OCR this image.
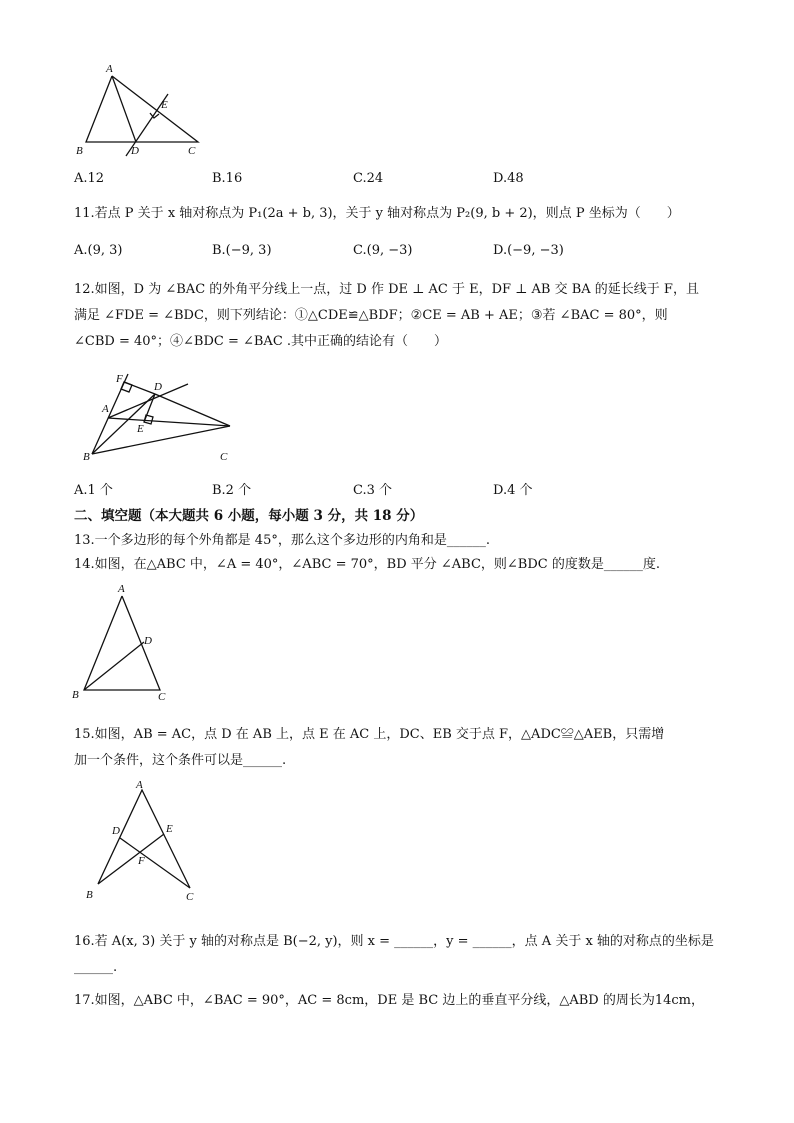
A
E
B	D	C
A.12	B.16	C.24	D.48
11.若点 P 关于 x 轴对称点为 P₁(2a + b, 3)，关于 y 轴对称点为 P₂(9, b + 2)，则点 P 坐标为（　　）
A.(9, 3)	B.(−9, 3)	C.(9, −3)	D.(−9, −3)
12.如图，D 为 ∠BAC 的外角平分线上一点，过 D 作 DE ⊥ AC 于 E，DF ⊥ AB 交 BA 的延长线于 F，且
满足 ∠FDE = ∠BDC，则下列结论：①△CDE≌△BDF；②CE = AB + AE；③若 ∠BAC = 80°，则
∠CBD = 40°；④∠BDC = ∠BAC .其中正确的结论有（　　）
F
D
A
E
B	C
A.1 个	B.2 个	C.3 个	D.4 个
二、填空题（本大题共 6 小题，每小题 3 分，共 18 分）
13.一个多边形的每个外角都是 45°，那么这个多边形的内角和是______.
14.如图，在△ABC 中，∠A = 40°，∠ABC = 70°，BD 平分 ∠ABC，则∠BDC 的度数是______度.
A
D
B	C
15.如图，AB = AC，点 D 在 AB 上，点 E 在 AC 上，DC、EB 交于点 F，△ADC≌△AEB，只需增
加一个条件，这个条件可以是______.
A
D	E
F
B	C
16.若 A(x, 3) 关于 y 轴的对称点是 B(−2, y)，则 x = ______，y = ______，点 A 关于 x 轴的对称点的坐标是
______.
17.如图，△ABC 中，∠BAC = 90°，AC = 8cm，DE 是 BC 边上的垂直平分线，△ABD 的周长为14cm，
